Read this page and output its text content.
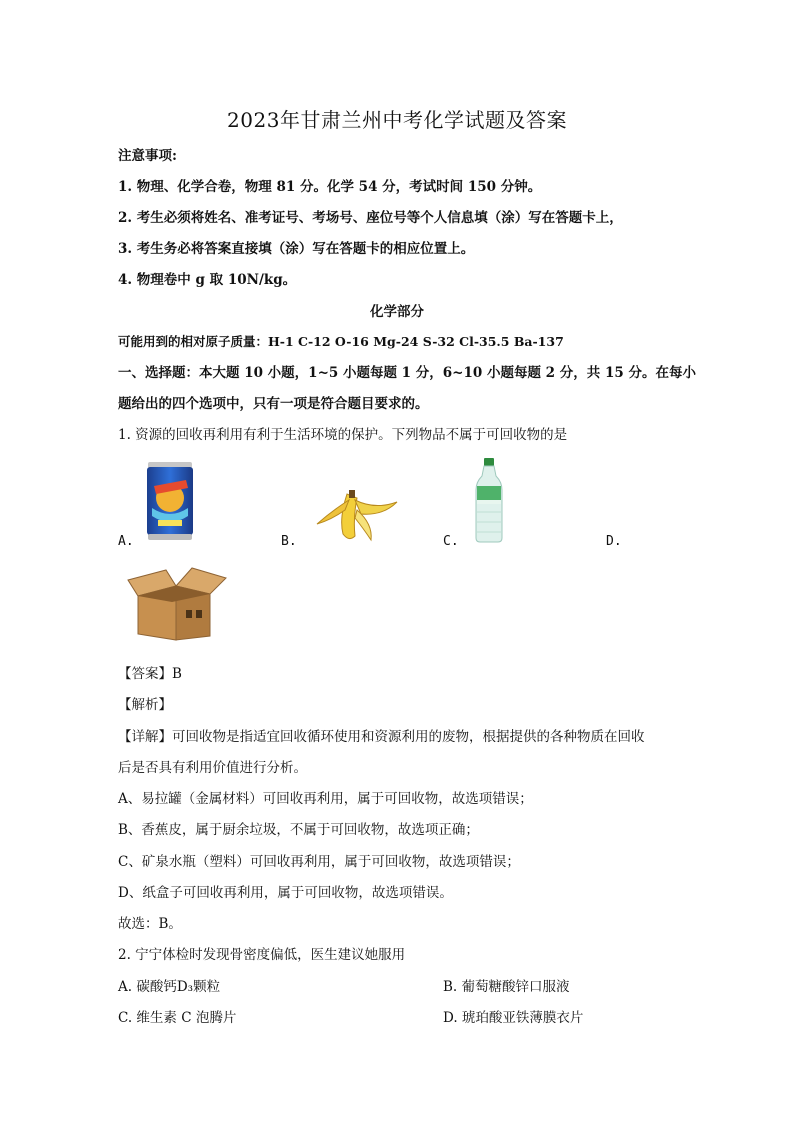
2023年甘肃兰州中考化学试题及答案
注意事项:
1. 物理、化学合卷，物理 81 分。化学 54 分，考试时间 150 分钟。
2. 考生必须将姓名、准考证号、考场号、座位号等个人信息填（涂）写在答题卡上，
3. 考生务必将答案直接填（涂）写在答题卡的相应位置上。
4. 物理卷中 g 取 10N/kg。
化学部分
可能用到的相对原子质量：H-1 C-12 O-16 Mg-24 S-32 Cl-35.5 Ba-137
一、选择题：本大题 10 小题，1~5 小题每题 1 分，6~10 小题每题 2 分，共 15 分。在每小
题给出的四个选项中，只有一项是符合题目要求的。
1. 资源的回收再利用有利于生活环境的保护。下列物品不属于可回收物的是
A.	B.	C.	D.
【答案】B
【解析】
【详解】可回收物是指适宜回收循环使用和资源利用的废物，根据提供的各种物质在回收
后是否具有利用价值进行分析。
A、易拉罐（金属材料）可回收再利用，属于可回收物，故选项错误；
B、香蕉皮，属于厨余垃圾，不属于可回收物，故选项正确；
C、矿泉水瓶（塑料）可回收再利用，属于可回收物，故选项错误；
D、纸盒子可回收再利用，属于可回收物，故选项错误。
故选：B。
2. 宁宁体检时发现骨密度偏低，医生建议她服用
A. 碳酸钙D₃颗粒	B. 葡萄糖酸锌口服液
C. 维生素 C 泡腾片	D. 琥珀酸亚铁薄膜衣片
